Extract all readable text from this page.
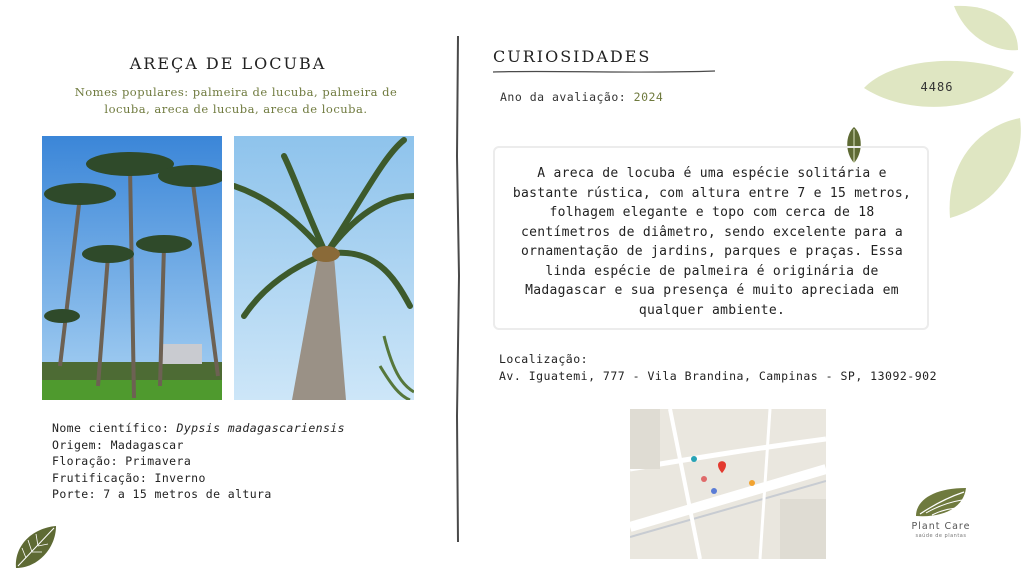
AREÇA DE LOCUBA
Nomes populares: palmeira de lucuba, palmeira de locuba, areca de lucuba, areca de locuba.
Nome científico: Dypsis madagascariensis
Origem: Madagascar
Floração: Primavera
Frutificação: Inverno
Porte: 7 a 15 metros de altura
CURIOSIDADES
Ano da avaliação: 2024
A areca de locuba é uma espécie solitária e bastante rústica, com altura entre 7 e 15 metros, folhagem elegante e topo com cerca de 18 centímetros de diâmetro, sendo excelente para a ornamentação de jardins, parques e praças. Essa linda espécie de palmeira é originária de Madagascar e sua presença é muito apreciada em qualquer ambiente.
Localização:
Av. Iguatemi, 777 - Vila Brandina, Campinas - SP, 13092-902
4486
Plant Care
saúde de plantas
